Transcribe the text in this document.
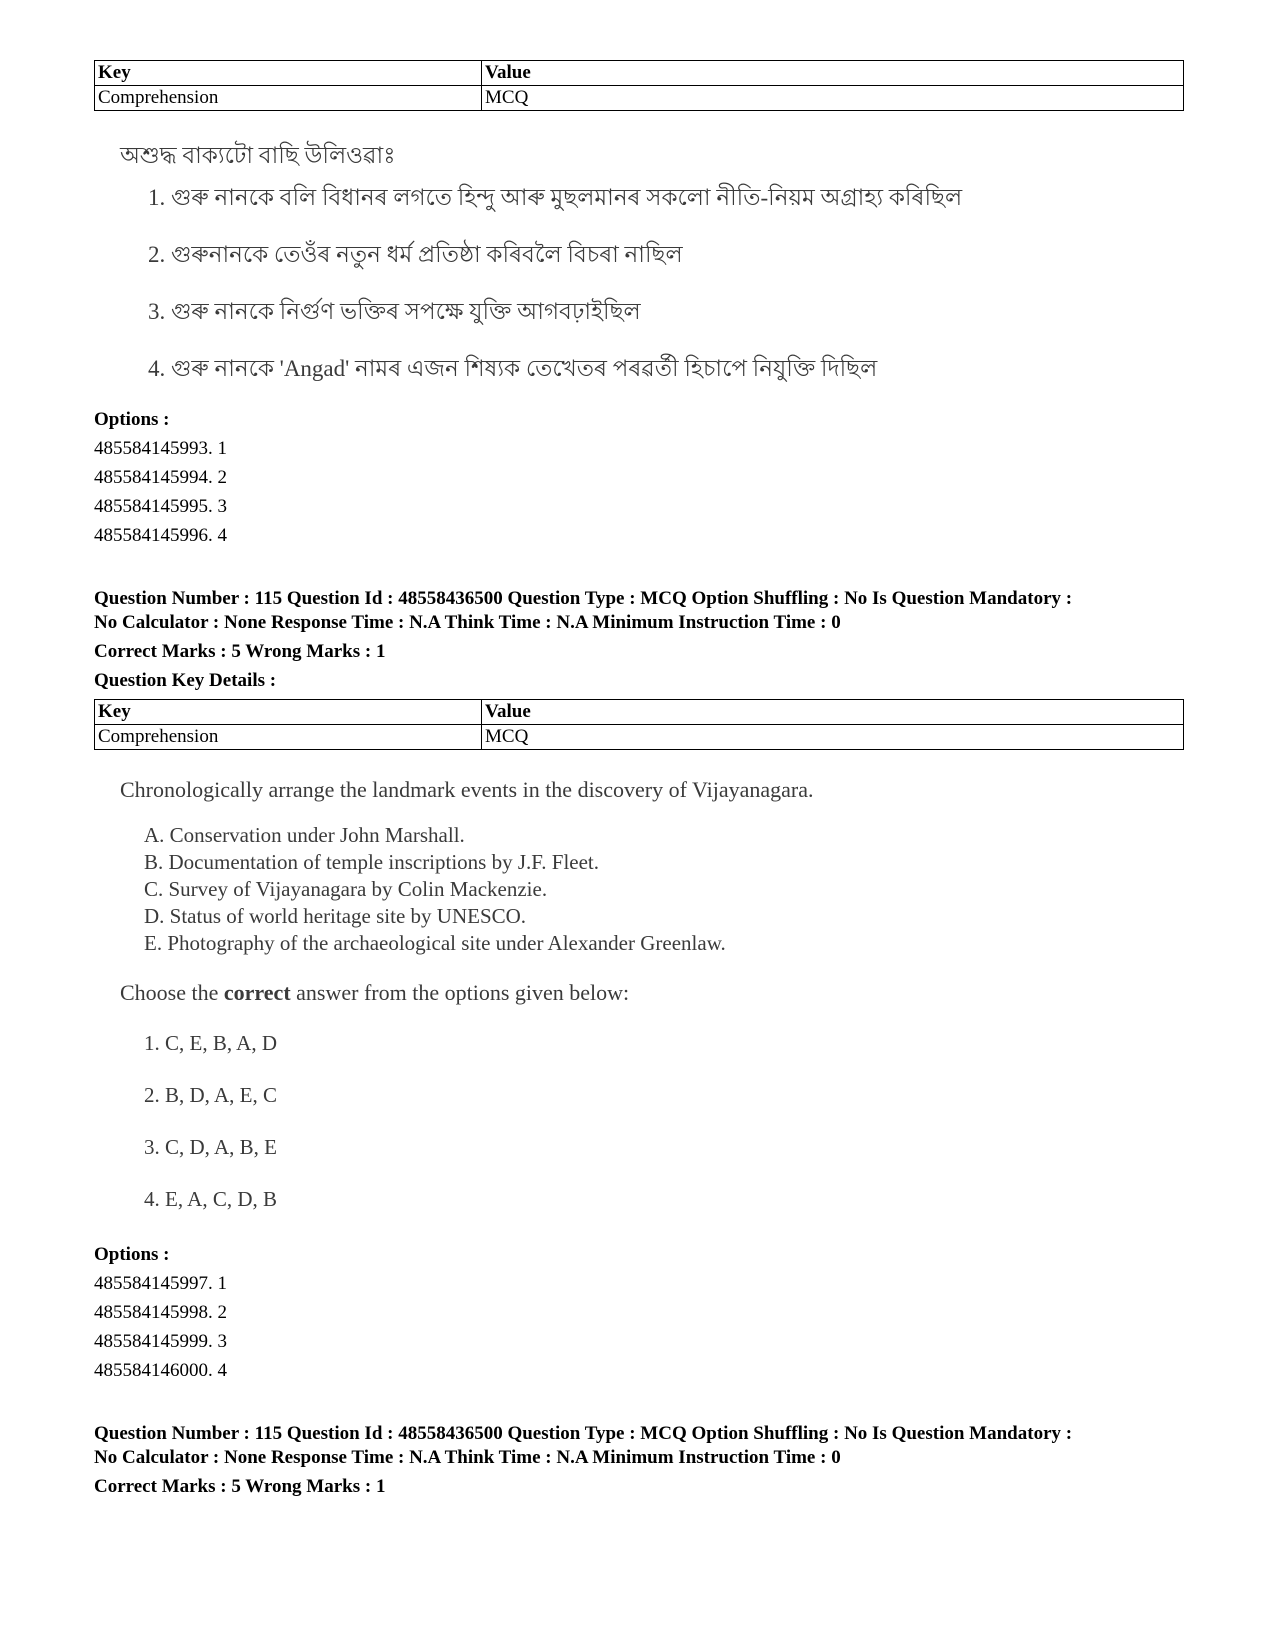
Key	Value
Comprehension	MCQ
অশুদ্ধ বাক্যটো বাছি উলিওৱাঃ
1. গুৰু নানকে বলি বিধানৰ লগতে হিন্দু আৰু মুছলমানৰ সকলো নীতি-নিয়ম অগ্ৰাহ্য কৰিছিল
2. গুৰুনানকে তেওঁৰ নতুন ধৰ্ম প্ৰতিষ্ঠা কৰিবলৈ বিচৰা নাছিল
3. গুৰু নানকে নিৰ্গুণ ভক্তিৰ সপক্ষে যুক্তি আগবঢ়াইছিল
4. গুৰু নানকে 'Angad' নামৰ এজন শিষ্যক তেখেতৰ পৰৱৰ্তী হিচাপে নিযুক্তি দিছিল
Options :
485584145993. 1
485584145994. 2
485584145995. 3
485584145996. 4
Question Number : 115 Question Id : 48558436500 Question Type : MCQ Option Shuffling : No Is Question Mandatory :
No Calculator : None Response Time : N.A Think Time : N.A Minimum Instruction Time : 0
Correct Marks : 5 Wrong Marks : 1
Question Key Details :
Key	Value
Comprehension	MCQ
Chronologically arrange the landmark events in the discovery of Vijayanagara.
A. Conservation under John Marshall.
B. Documentation of temple inscriptions by J.F. Fleet.
C. Survey of Vijayanagara by Colin Mackenzie.
D. Status of world heritage site by UNESCO.
E. Photography of the archaeological site under Alexander Greenlaw.
Choose the correct answer from the options given below:
1. C, E, B, A, D
2. B, D, A, E, C
3. C, D, A, B, E
4. E, A, C, D, B
Options :
485584145997. 1
485584145998. 2
485584145999. 3
485584146000. 4
Question Number : 115 Question Id : 48558436500 Question Type : MCQ Option Shuffling : No Is Question Mandatory :
No Calculator : None Response Time : N.A Think Time : N.A Minimum Instruction Time : 0
Correct Marks : 5 Wrong Marks : 1
